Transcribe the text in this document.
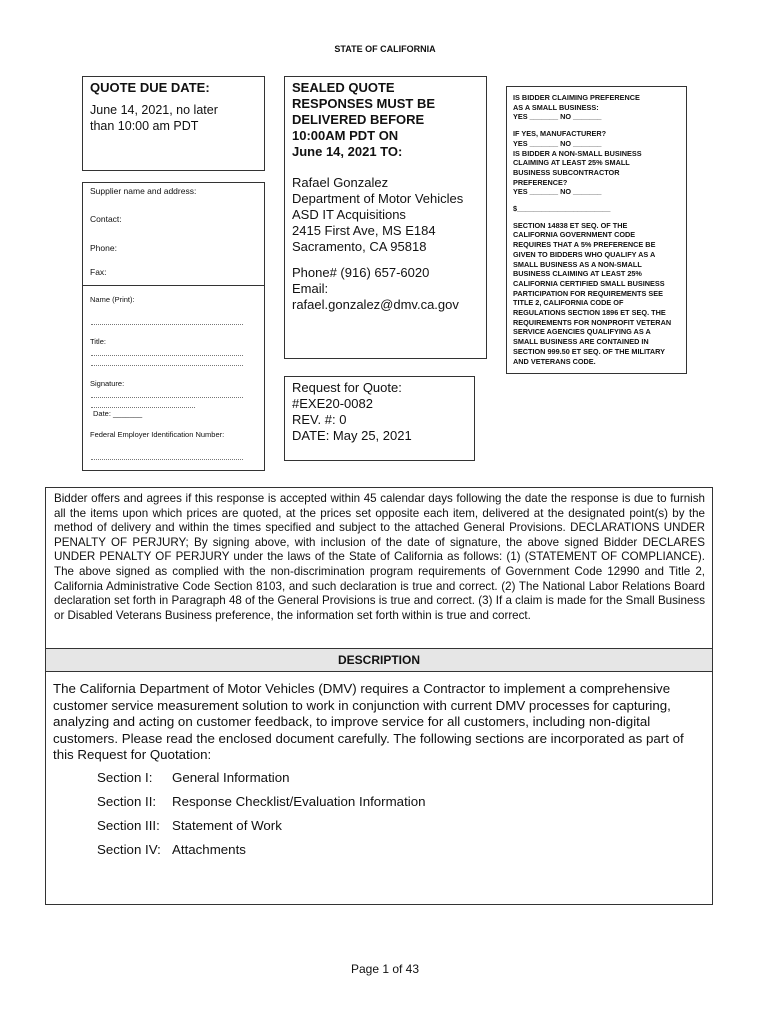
STATE OF CALIFORNIA
QUOTE DUE DATE:
June 14, 2021, no later
than 10:00 am PDT
Supplier name and address:
Contact:
Phone:
Fax:
Name (Print):
Title:
Signature:
Date: _______
Federal Employer Identification Number:
SEALED QUOTE
RESPONSES MUST BE
DELIVERED BEFORE
10:00AM PDT ON
June 14, 2021 TO:
Rafael Gonzalez
Department of Motor Vehicles
ASD IT Acquisitions
2415 First Ave, MS E184
Sacramento, CA 95818
Phone# (916) 657-6020
Email:
rafael.gonzalez@dmv.ca.gov
Request for Quote:
#EXE20-0082
REV. #: 0
DATE: May 25, 2021
IS BIDDER CLAIMING PREFERENCE
AS A SMALL BUSINESS:
YES _______ NO _______
IF YES, MANUFACTURER?
YES _______ NO _______
IS BIDDER A NON-SMALL BUSINESS
CLAIMING AT LEAST 25% SMALL
BUSINESS SUBCONTRACTOR
PREFERENCE?
YES _______ NO _______
$_______________________
SECTION 14838 ET SEQ. OF THE
CALIFORNIA GOVERNMENT CODE
REQUIRES THAT A 5% PREFERENCE BE
GIVEN TO BIDDERS WHO QUALIFY AS A
SMALL BUSINESS AS A NON-SMALL
BUSINESS CLAIMING AT LEAST 25%
CALIFORNIA CERTIFIED SMALL BUSINESS
PARTICIPATION FOR REQUIREMENTS SEE
TITLE 2, CALIFORNIA CODE OF
REGULATIONS SECTION 1896 ET SEQ. THE
REQUIREMENTS FOR NONPROFIT VETERAN
SERVICE AGENCIES QUALIFYING AS A
SMALL BUSINESS ARE CONTAINED IN
SECTION 999.50 ET SEQ. OF THE MILITARY
AND VETERANS CODE.

Bidder offers and agrees if this response is accepted within 45 calendar days following the date the response is due to furnish all the items upon which prices are quoted, at the prices set opposite each item, delivered at the designated point(s) by the method of delivery and within the times specified and subject to the attached General Provisions. DECLARATIONS UNDER PENALTY OF PERJURY; By signing above, with inclusion of the date of signature, the above signed Bidder DECLARES UNDER PENALTY OF PERJURY under the laws of the State of California as follows: (1) (STATEMENT OF COMPLIANCE). The above signed as complied with the non-discrimination program requirements of Government Code 12990 and Title 2, California Administrative Code Section 8103, and such declaration is true and correct. (2) The National Labor Relations Board declaration set forth in Paragraph 48 of the General Provisions is true and correct. (3) If a claim is made for the Small Business or Disabled Veterans Business preference, the information set forth within is true and correct.

DESCRIPTION

The California Department of Motor Vehicles (DMV) requires a Contractor to implement a comprehensive customer service measurement solution to work in conjunction with current DMV processes for capturing, analyzing and acting on customer feedback, to improve service for all customers, including non-digital customers. Please read the enclosed document carefully. The following sections are incorporated as part of this Request for Quotation:

Section I: General Information
Section II: Response Checklist/Evaluation Information
Section III: Statement of Work
Section IV: Attachments
Page 1 of 43
